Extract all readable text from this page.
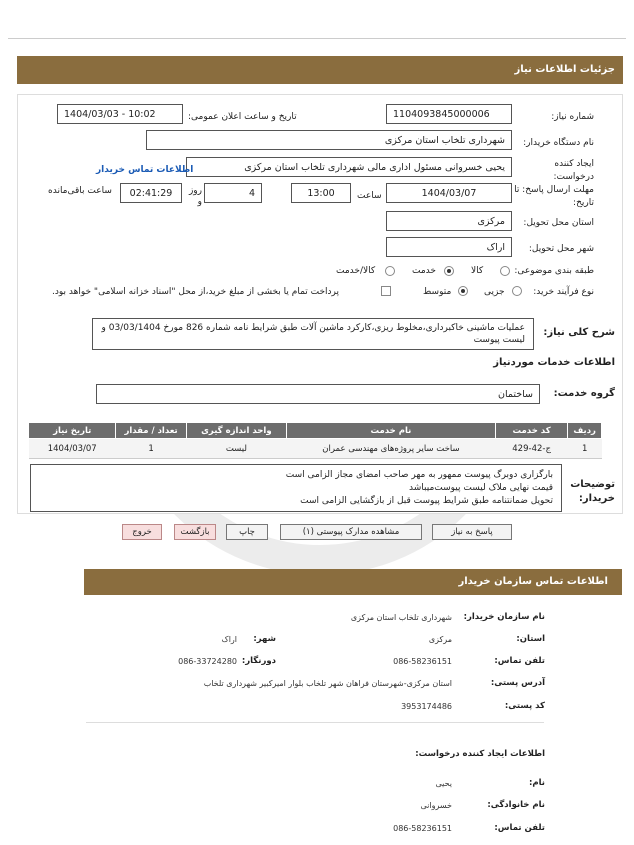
جزئیات اطلاعات نیاز
شماره نیاز:
1104093845000006
تاریخ و ساعت اعلان عمومی:
1404/03/03 - 10:02
نام دستگاه خریدار:
شهرداری تلخاب استان مرکزی
ایجاد کننده درخواست:
یحیی خسروانی مسئول اداری مالی شهرداری تلخاب استان مرکزی
اطلاعات تماس خریدار
مهلت ارسال پاسخ: تا تاریخ:
1404/03/07
ساعت
13:00
4
روز و
02:41:29
ساعت باقی‌مانده
استان محل تحویل:
مرکزی
شهر محل تحویل:
اراک
طبقه بندی موضوعی:
کالا
خدمت
کالا/خدمت
نوع فرآیند خرید:
جزیی
متوسط
پرداخت تمام یا بخشی از مبلغ خرید،از محل "اسناد خزانه اسلامی" خواهد بود.
شرح کلی نیاز:
عملیات ماشینی خاکبرداری،مخلوط ریزی،کارکرد ماشین آلات طبق شرایط نامه شماره 826 مورخ 03/03/1404 و لیست پیوست
اطلاعات خدمات موردنیاز
گروه خدمت:
ساختمان
ردیف	کد خدمت	نام خدمت	واحد اندازه گیری	تعداد / مقدار	تاریخ نیاز
1	ج-42-429	ساخت سایر پروژه‌های مهندسی عمران	لیست	1	1404/03/07
توضیحات خریدار:
بارگزاری دوبرگ پیوست ممهور به مهر صاحب امضای مجاز الزامی است
قیمت نهایی ملاک لیست پیوست‌میباشد
تحویل ضمانتنامه طبق شرایط پیوست قبل از بازگشایی الزامی است
پاسخ به نیاز
مشاهده مدارک پیوستی (۱)
چاپ
بازگشت
خروج
اطلاعات تماس سازمان خریدار
نام سازمان خریدار:
شهرداری تلخاب استان مرکزی
استان:
مرکزی
شهر:
اراک
تلفن تماس:
086-58236151
دورنگار:
086-33724280
آدرس پستی:
استان مرکزی-شهرستان فراهان شهر تلخاب بلوار امیرکبیر شهرداری تلخاب
کد پستی:
3953174486
اطلاعات ایجاد کننده درخواست:
نام:
یحیی
نام خانوادگی:
خسروانی
تلفن تماس:
086-58236151
